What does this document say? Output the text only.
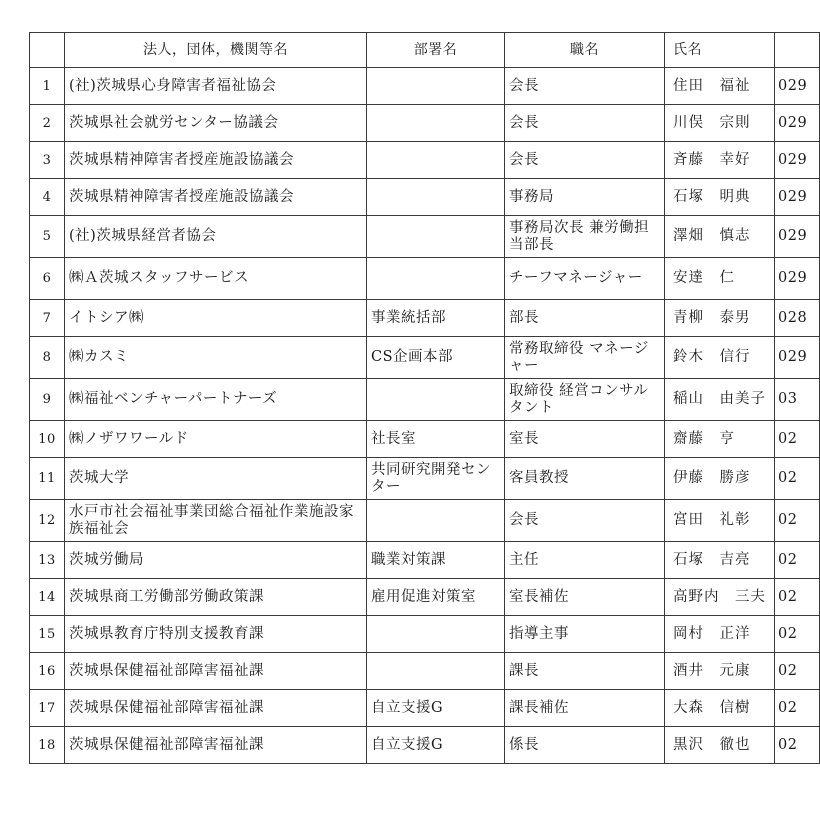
	法人，団体，機関等名	部署名	職名	氏名	
1	(社)茨城県心身障害者福祉協会		会長	住田　福祉	029
2	茨城県社会就労センター協議会		会長	川俣　宗則	029
3	茨城県精神障害者授産施設協議会		会長	斉藤　幸好	029
4	茨城県精神障害者授産施設協議会		事務局	石塚　明典	029
5	(社)茨城県経営者協会		事務局次長 兼労働担当部長	澤畑　慎志	029
6	㈱Ａ茨城スタッフサービス		チーフマネージャー	安達　仁	029
7	イトシア㈱	事業統括部	部長	青柳　泰男	028
8	㈱カスミ	CS企画本部	常務取締役 マネージャー	鈴木　信行	029
9	㈱福祉ベンチャーパートナーズ		取締役 経営コンサルタント	稲山　由美子	03
10	㈱ノザワワールド	社長室	室長	齋藤　亨	02
11	茨城大学	共同研究開発センター	客員教授	伊藤　勝彦	02
12	水戸市社会福祉事業団総合福祉作業施設家族福祉会		会長	宮田　礼彰	02
13	茨城労働局	職業対策課	主任	石塚　吉亮	02
14	茨城県商工労働部労働政策課	雇用促進対策室	室長補佐	高野内　三夫	02
15	茨城県教育庁特別支援教育課		指導主事	岡村　正洋	02
16	茨城県保健福祉部障害福祉課		課長	酒井　元康	02
17	茨城県保健福祉部障害福祉課	自立支援G	課長補佐	大森　信樹	02
18	茨城県保健福祉部障害福祉課	自立支援G	係長	黒沢　徹也	02
